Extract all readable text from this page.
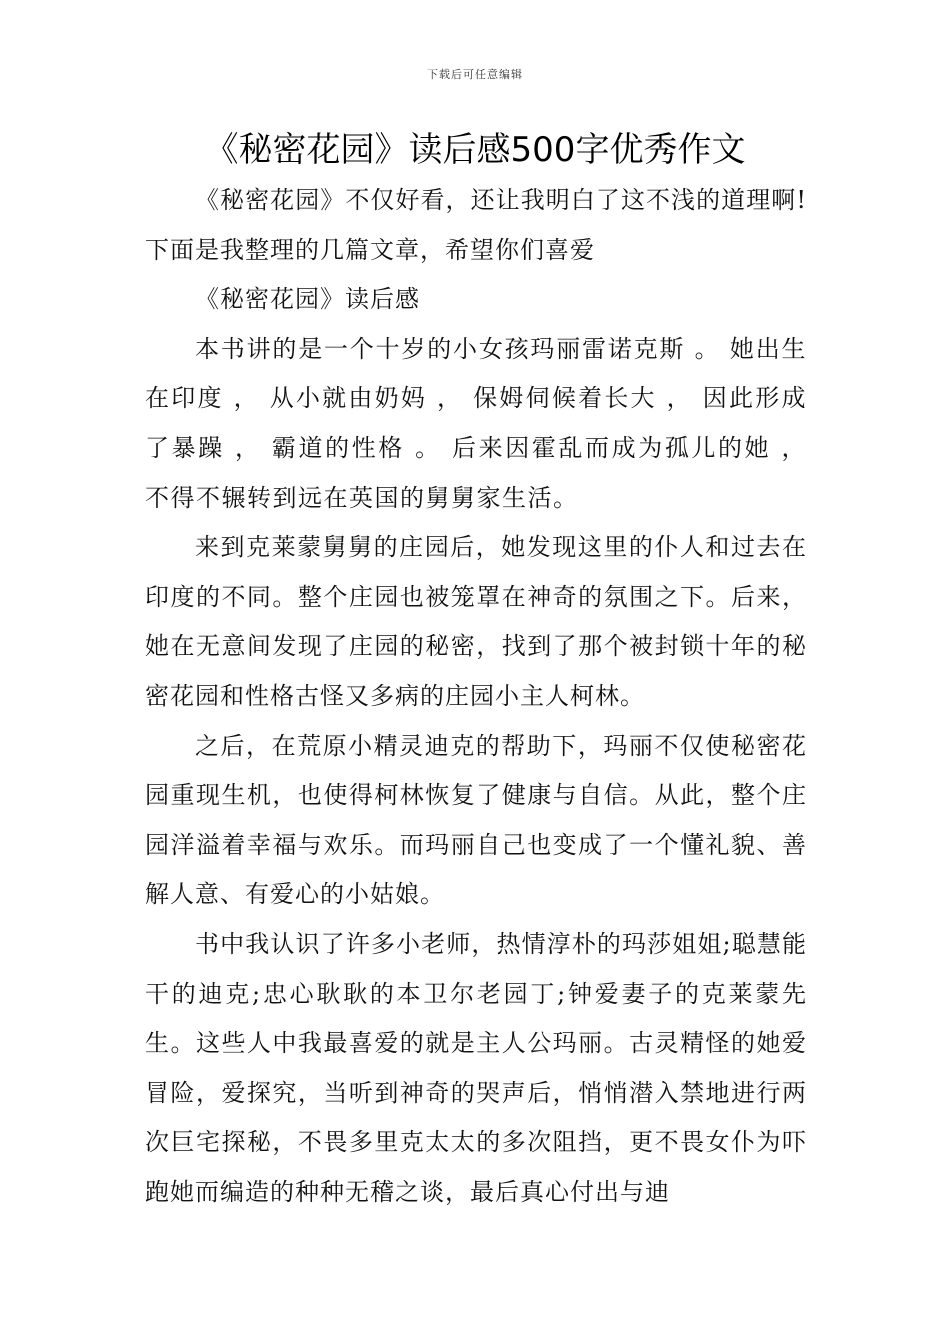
下载后可任意编辑
《秘密花园》读后感500字优秀作文

《秘密花园》不仅好看，还让我明白了这不浅的道理啊!下面是我整理的几篇文章，希望你们喜爱

《秘密花园》读后感

本书讲的是一个十岁的小女孩玛丽雷诺克斯 。 她出生在印度 ， 从小就由奶妈 ， 保姆伺候着长大 ， 因此形成了暴躁 ， 霸道的性格 。 后来因霍乱而成为孤儿的她 ， 不得不辗转到远在英国的舅舅家生活。

来到克莱蒙舅舅的庄园后，她发现这里的仆人和过去在印度的不同。整个庄园也被笼罩在神奇的氛围之下。后来，她在无意间发现了庄园的秘密，找到了那个被封锁十年的秘密花园和性格古怪又多病的庄园小主人柯林。

之后，在荒原小精灵迪克的帮助下，玛丽不仅使秘密花园重现生机，也使得柯林恢复了健康与自信。从此，整个庄园洋溢着幸福与欢乐。而玛丽自己也变成了一个懂礼貌、善解人意、有爱心的小姑娘。

书中我认识了许多小老师，热情淳朴的玛莎姐姐;聪慧能干的迪克;忠心耿耿的本卫尔老园丁;钟爱妻子的克莱蒙先生。这些人中我最喜爱的就是主人公玛丽。古灵精怪的她爱冒险，爱探究，当听到神奇的哭声后，悄悄潜入禁地进行两次巨宅探秘，不畏多里克太太的多次阻挡，更不畏女仆为吓跑她而编造的种种无稽之谈，最后真心付出与迪
